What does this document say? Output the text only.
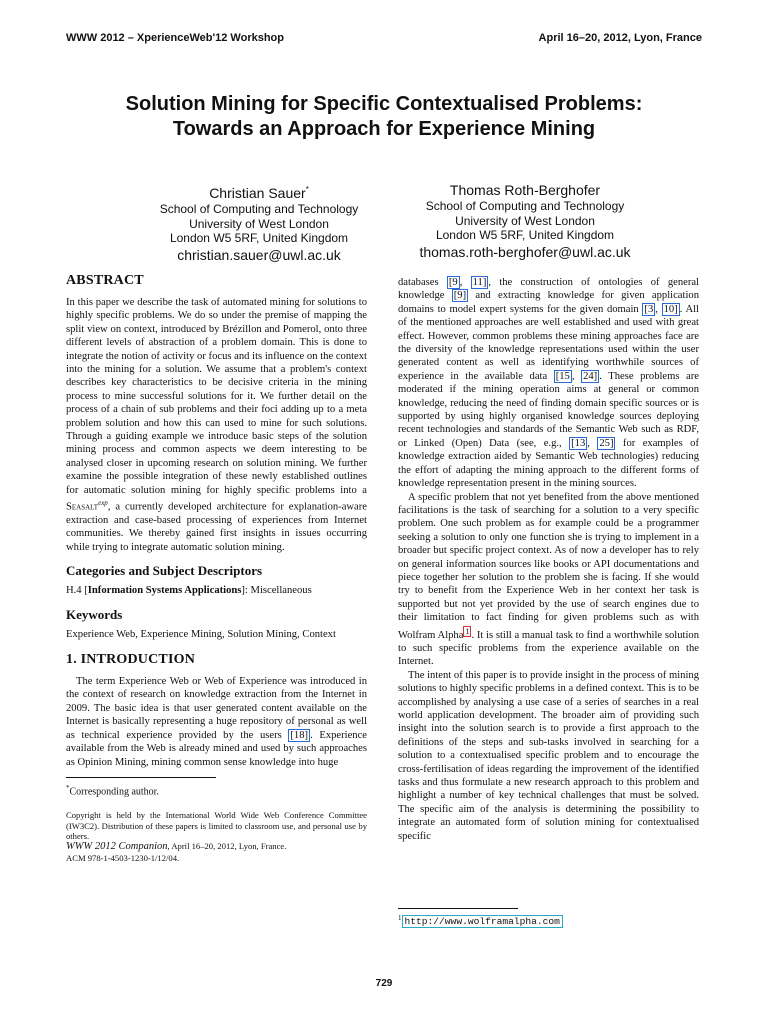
WWW 2012 – XperienceWeb'12 Workshop	April 16–20, 2012, Lyon, France
Solution Mining for Specific Contextualised Problems:
Towards an Approach for Experience Mining
Christian Sauer*
School of Computing and Technology
University of West London
London W5 5RF, United Kingdom
christian.sauer@uwl.ac.uk
Thomas Roth-Berghofer
School of Computing and Technology
University of West London
London W5 5RF, United Kingdom
thomas.roth-berghofer@uwl.ac.uk
ABSTRACT

In this paper we describe the task of automated mining for solutions to highly specific problems. We do so under the premise of mapping the split view on context, introduced by Brézillon and Pomerol, onto three different levels of abstraction of a problem domain. This is done to integrate the notion of activity or focus and its influence on the context into the mining for a solution. We assume that a problem's context describes key characteristics to be decisive criteria in the mining process to mine successful solutions for it. We further detail on the process of a chain of sub problems and their foci adding up to a meta problem solution and how this can used to mine for such solutions. Through a guiding example we introduce basic steps of the solution mining process and common aspects we deem interesting to be analysed closer in upcoming research on solution mining. We further examine the possible integration of these newly established outlines for automatic solution mining for highly specific problems into a Seasalt$^{exp}$, a currently developed architecture for explanation-aware extraction and case-based processing of experiences from Internet communities. We thereby gained first insights in issues occurring while trying to integrate automatic solution mining.

Categories and Subject Descriptors

H.4 [Information Systems Applications]: Miscellaneous

Keywords

Experience Web, Experience Mining, Solution Mining, Context

1. INTRODUCTION

The term Experience Web or Web of Experience was introduced in the context of research on knowledge extraction from the Internet in 2009. The basic idea is that user generated content available on the Internet is basically representing a huge repository of personal as well as technical experience provided by the users [18] . Experience available from the Web is already mined and used by such approaches as Opinion Mining, mining common sense knowledge into huge

*Corresponding author.
Copyright is held by the International World Wide Web Conference Committee (IW3C2). Distribution of these papers is limited to classroom use, and personal use by others.
WWW 2012 Companion, April 16–20, 2012, Lyon, France.
ACM 978-1-4503-1230-1/12/04.

databases [9 , 11] , the construction of ontologies of general knowledge [9] and extracting knowledge for given application domains to model expert systems for the given domain [3 , 10] . All of the mentioned approaches are well established and used with great effect. However, common problems these mining approaches face are the diversity of the knowledge representations used within the user generated content as well as identifying worthwhile sources of experience in the available data [15 , 24] . These problems are moderated if the mining operation aims at general or common knowledge, reducing the need of finding domain specific sources or is supported by using highly organised knowledge sources deploying recent technologies and standards of the Semantic Web such as RDF, or Linked (Open) Data (see, e.g., [13 , 25] for examples of knowledge extraction aided by Semantic Web technologies) reducing the effort of adapting the mining approach to the different forms of knowledge representation present in the mining sources.

A specific problem that not yet benefited from the above mentioned facilitations is the task of searching for a solution to a very specific problem. One such problem as for example could be a programmer seeking a solution to only one function she is trying to implement in a broader but specific project context. As of now a developer has to rely on general information sources like books or API documentations and piece together her solution to the problem she is facing. If she would try to benefit from the Experience Web in her context her task is supported but not yet provided by the use of search engines due to their limitation to fact finding for given problems such as with Wolfram Alpha $^1$ . It is still a manual task to find a worthwhile solution to such specific problems from the experience available on the Internet.

The intent of this paper is to provide insight in the process of mining solutions to highly specific problems in a defined context. This is to be accomplished by analysing a use case of a series of searches in a real world application development. The broader aim of providing such insight into the solution search is to provide a first approach to the definitions of the steps and sub-tasks involved in searching for a solution to a contextualised specific problem and to encourage the cross-fertilisation of ideas regarding the improvement of the identified tasks and thus formulate a new research approach to this problem and highlight a number of key technical challenges that must be solved. The specific aim of the analysis is determining the possibility to integrate an automated form of solution mining for contextualised specific

$^1$ http://www.wolframalpha.com
729
